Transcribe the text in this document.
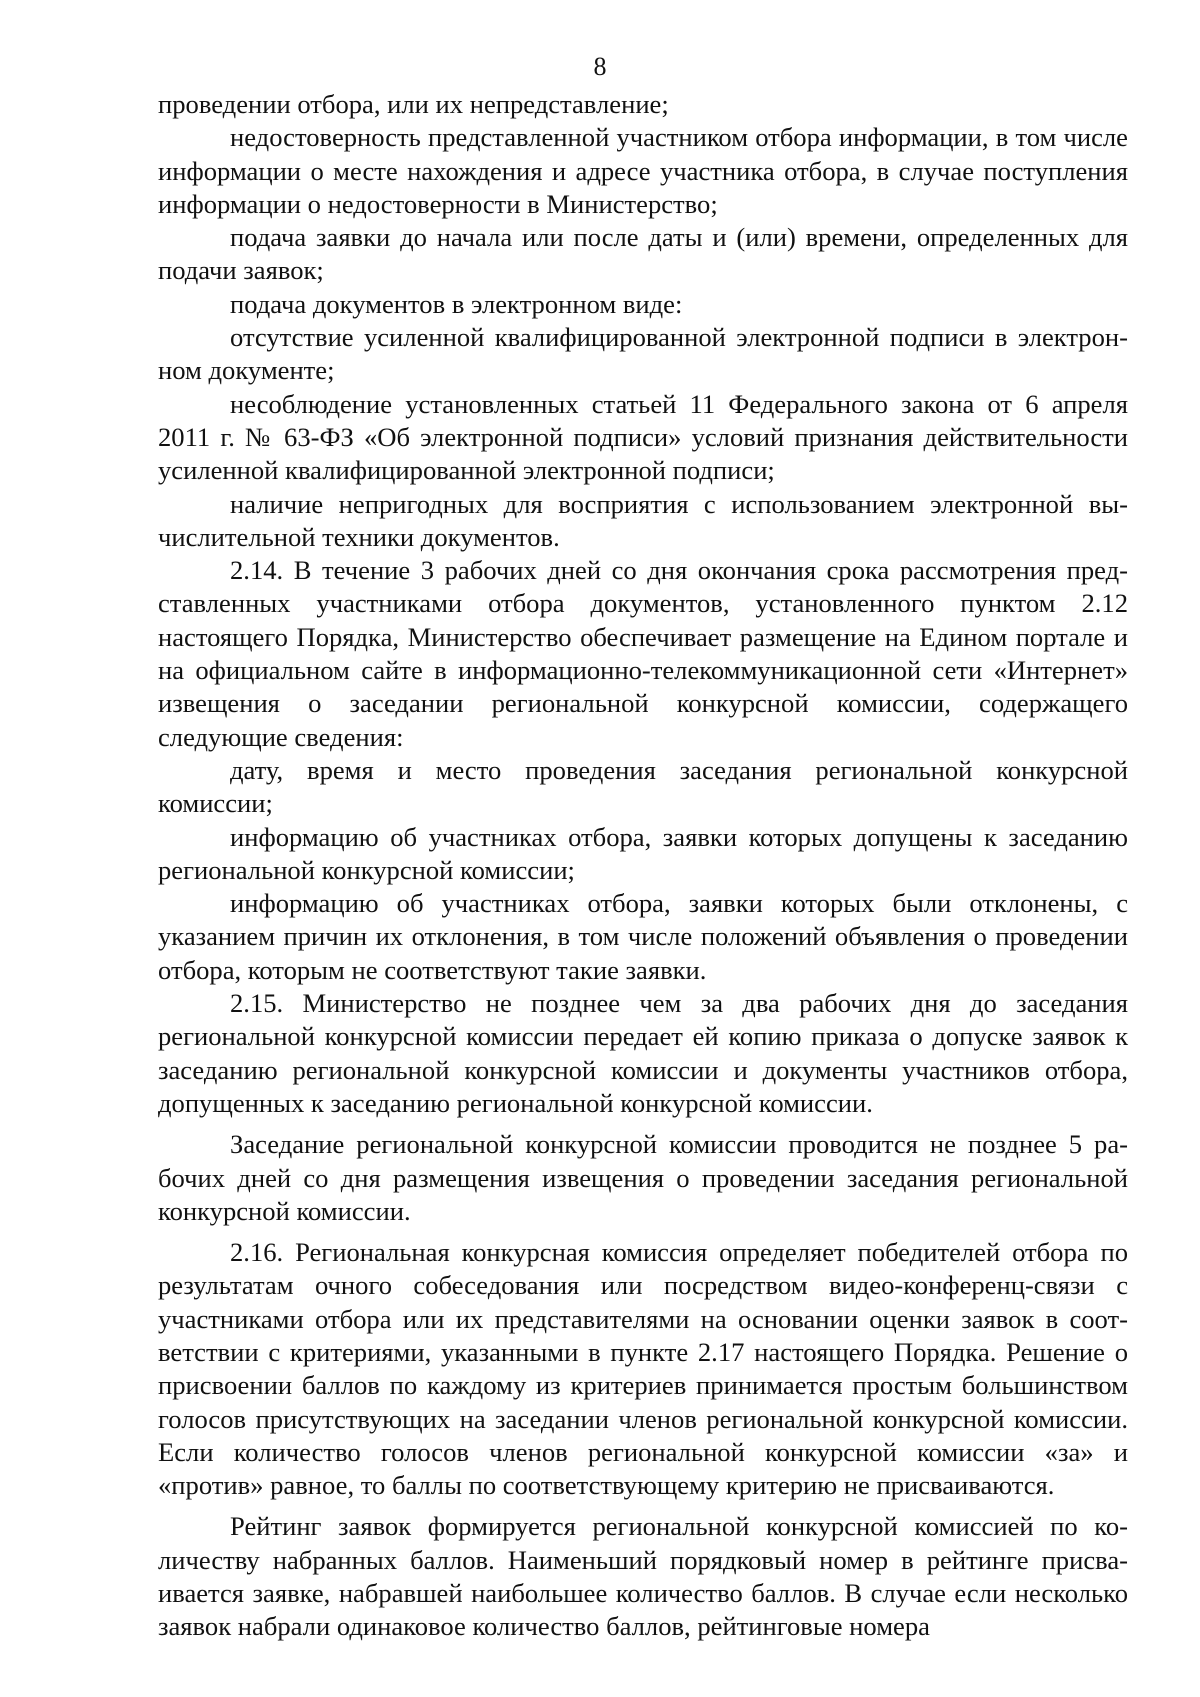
8

проведении отбора, или их непредставление;

недостоверность представленной участником отбора информации, в том числе информации о месте нахождения и адресе участника отбора, в случае поступления информации о недостоверности в Министерство;

подача заявки до начала или после даты и (или) времени, определенных для подачи заявок;

подача документов в электронном виде:

отсутствие усиленной квалифицированной электронной подписи в электронном документе;

несоблюдение установленных статьей 11 Федерального закона от 6 апреля 2011 г. № 63-ФЗ «Об электронной подписи» условий признания действительности усиленной квалифицированной электронной подписи;

наличие непригодных для восприятия с использованием электронной вычислительной техники документов.

2.14. В течение 3 рабочих дней со дня окончания срока рассмотрения представленных участниками отбора документов, установленного пунктом 2.12 настоящего Порядка, Министерство обеспечивает размещение на Едином портале и на официальном сайте в информационно-телекоммуникационной сети «Интернет» извещения о заседании региональной конкурсной комиссии, содержащего следующие сведения:

дату, время и место проведения заседания региональной конкурсной комиссии;

информацию об участниках отбора, заявки которых допущены к заседанию региональной конкурсной комиссии;

информацию об участниках отбора, заявки которых были отклонены, с указанием причин их отклонения, в том числе положений объявления о проведении отбора, которым не соответствуют такие заявки.

2.15. Министерство не позднее чем за два рабочих дня до заседания региональной конкурсной комиссии передает ей копию приказа о допуске заявок к заседанию региональной конкурсной комиссии и документы участников отбора, допущенных к заседанию региональной конкурсной комиссии.

Заседание региональной конкурсной комиссии проводится не позднее 5 рабочих дней со дня размещения извещения о проведении заседания региональной конкурсной комиссии.

2.16. Региональная конкурсная комиссия определяет победителей отбора по результатам очного собеседования или посредством видео-конференц-связи с участниками отбора или их представителями на основании оценки заявок в соответствии с критериями, указанными в пункте 2.17 настоящего Порядка. Решение о присвоении баллов по каждому из критериев принимается простым большинством голосов присутствующих на заседании членов региональной конкурсной комиссии. Если количество голосов членов региональной конкурсной комиссии «за» и «против» равное, то баллы по соответствующему критерию не присваиваются.

Рейтинг заявок формируется региональной конкурсной комиссией по количеству набранных баллов. Наименьший порядковый номер в рейтинге присваивается заявке, набравшей наибольшее количество баллов. В случае если несколько заявок набрали одинаковое количество баллов, рейтинговые номера
